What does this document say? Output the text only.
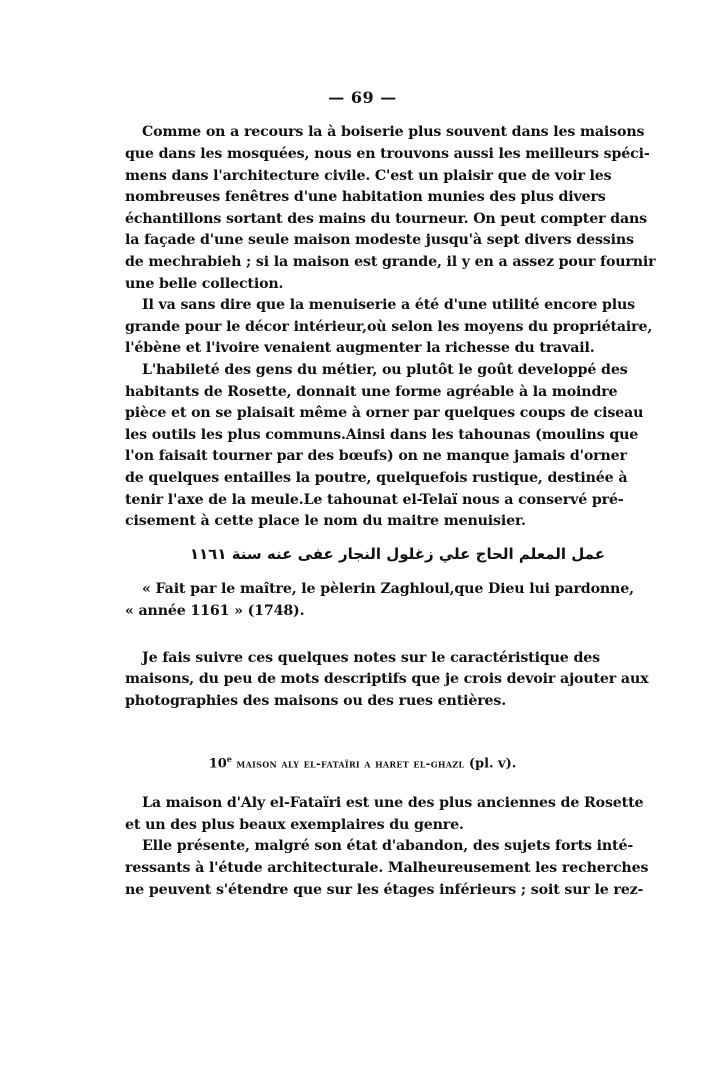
— 69 —
Comme on a recours la à boiserie plus souvent dans les maisons
que dans les mosquées, nous en trouvons aussi les meilleurs spéci-
mens dans l'architecture civile. C'est un plaisir que de voir les
nombreuses fenêtres d'une habitation munies des plus divers
échantillons sortant des mains du tourneur. On peut compter dans
la façade d'une seule maison modeste jusqu'à sept divers dessins
de mechrabieh ; si la maison est grande, il y en a assez pour fournir
une belle collection.
Il va sans dire que la menuiserie a été d'une utilité encore plus
grande pour le décor intérieur,où selon les moyens du propriétaire,
l'ébène et l'ivoire venaient augmenter la richesse du travail.
L'habileté des gens du métier, ou plutôt le goût developpé des
habitants de Rosette, donnait une forme agréable à la moindre
pièce et on se plaisait même à orner par quelques coups de ciseau
les outils les plus communs.Ainsi dans les tahounas (moulins que
l'on faisait tourner par des bœufs) on ne manque jamais d'orner
de quelques entailles la poutre, quelquefois rustique, destinée à
tenir l'axe de la meule.Le tahounat el-Telaï nous a conservé pré-
cisement à cette place le nom du maitre menuisier.
عمل المعلم الحاج علي زغلول النجار عفى عنه سنة ١١٦١
« Fait par le maître, le pèlerin Zaghloul,que Dieu lui pardonne,
« année 1161 » (1748).
Je fais suivre ces quelques notes sur le caractéristique des
maisons, du peu de mots descriptifs que je crois devoir ajouter aux
photographies des maisons ou des rues entières.
10e maison aly el-fataïri a haret el-ghazl (pl. v).
La maison d'Aly el-Fataïri est une des plus anciennes de Rosette
et un des plus beaux exemplaires du genre.
Elle présente, malgré son état d'abandon, des sujets forts inté-
ressants à l'étude architecturale. Malheureusement les recherches
ne peuvent s'étendre que sur les étages inférieurs ; soit sur le rez-
